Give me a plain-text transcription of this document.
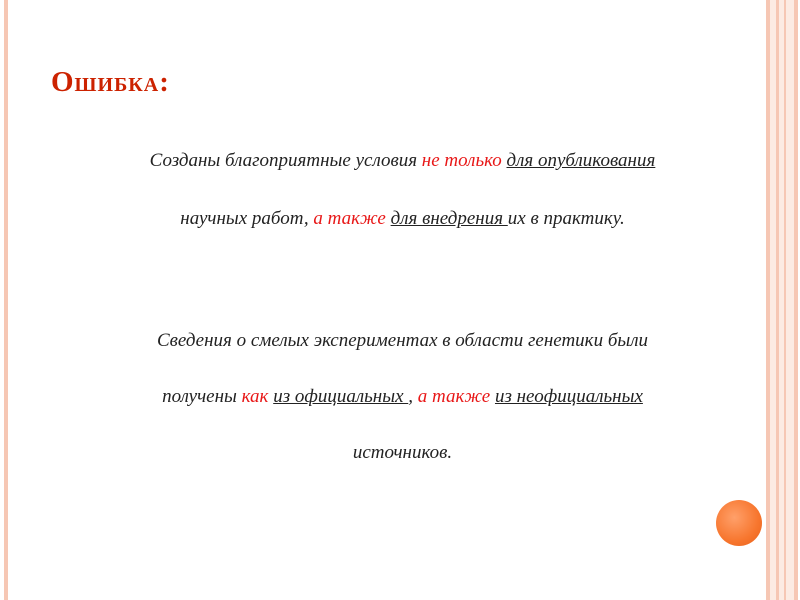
Ошибка:
Созданы благоприятные условия не только для опубликования
научных работ, а также для внедрения их в практику.
Сведения о смелых экспериментах в области генетики были
получены как из официальных , а также из неофициальных
источников.
